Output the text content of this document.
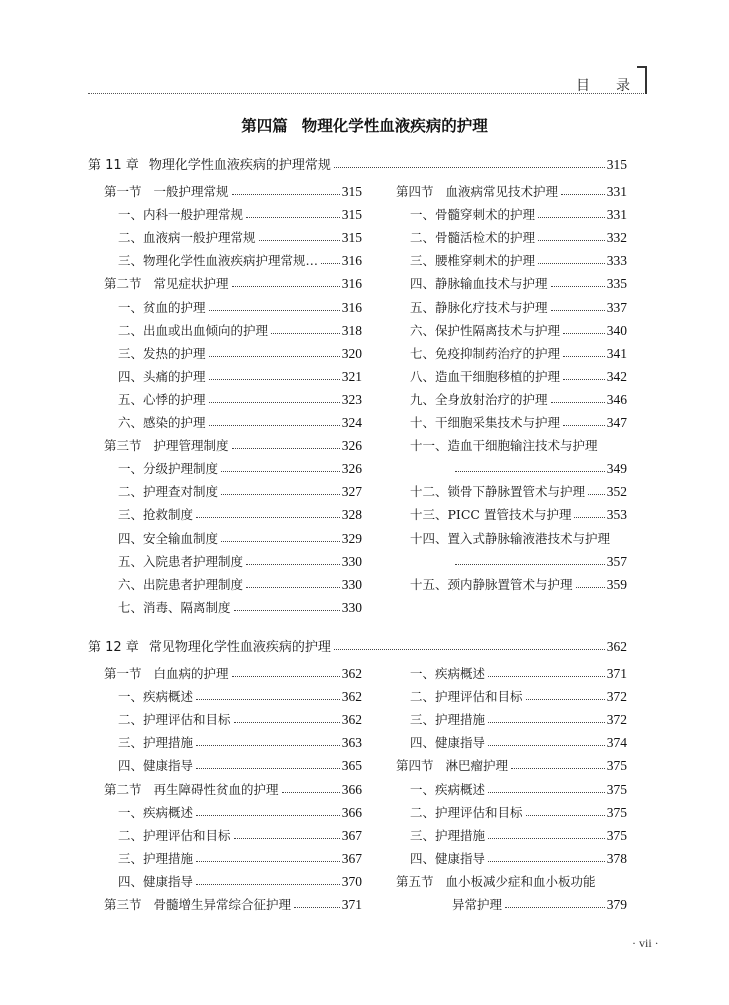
目录
第四篇 物理化学性血液疾病的护理
第 11 章 物理化学性血液疾病的护理常规	315
第一节 一般护理常规	315
一、内科一般护理常规	315
二、血液病一般护理常规	315
三、物理化学性血液疾病护理常规… 316
第二节 常见症状护理	316
一、贫血的护理	316
二、出血或出血倾向的护理	318
三、发热的护理	320
四、头痛的护理	321
五、心悸的护理	323
六、感染的护理	324
第三节 护理管理制度	326
一、分级护理制度	326
二、护理查对制度	327
三、抢救制度	328
四、安全输血制度	329
五、入院患者护理制度	330
六、出院患者护理制度	330
七、消毒、隔离制度	330
第四节 血液病常见技术护理	331
一、骨髓穿刺术的护理	331
二、骨髓活检术的护理	332
三、腰椎穿刺术的护理	333
四、静脉输血技术与护理	335
五、静脉化疗技术与护理	337
六、保护性隔离技术与护理	340
七、免疫抑制药治疗的护理	341
八、造血干细胞移植的护理	342
九、全身放射治疗的护理	346
十、干细胞采集技术与护理	347
十一、造血干细胞输注技术与护理
349
十二、锁骨下静脉置管术与护理 352
十三、PICC 置管技术与护理	353
十四、置入式静脉输液港技术与护理
357
十五、颈内静脉置管术与护理	359
第 12 章 常见物理化学性血液疾病的护理	362
第一节 白血病的护理	362
一、疾病概述	362
二、护理评估和目标	362
三、护理措施	363
四、健康指导	365
第二节 再生障碍性贫血的护理	366
一、疾病概述	366
二、护理评估和目标	367
三、护理措施	367
四、健康指导	370
第三节 骨髓增生异常综合征护理	371
一、疾病概述	371
二、护理评估和目标	372
三、护理措施	372
四、健康指导	374
第四节 淋巴瘤护理	375
一、疾病概述	375
二、护理评估和目标	375
三、护理措施	375
四、健康指导	378
第五节 血小板减少症和血小板功能
异常护理	379
· vii ·
